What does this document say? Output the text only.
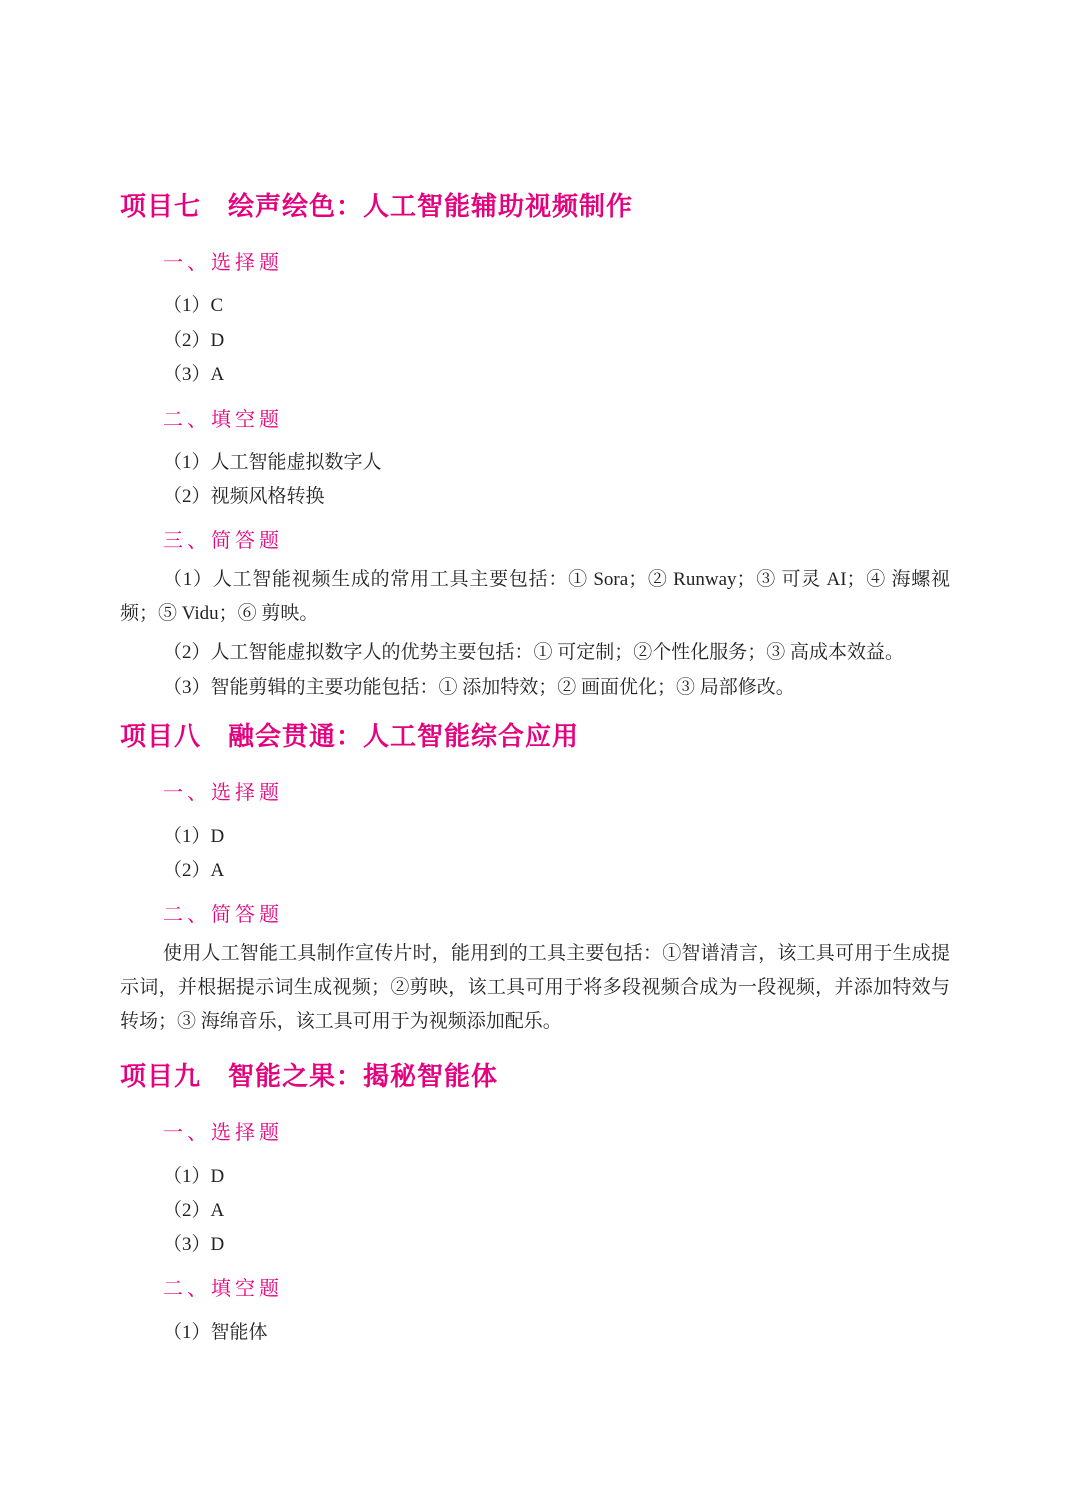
项目七　绘声绘色：人工智能辅助视频制作
一、选择题
（1）C
（2）D
（3）A
二、填空题
（1）人工智能虚拟数字人
（2）视频风格转换
三、简答题
（1）人工智能视频生成的常用工具主要包括：① Sora；② Runway；③ 可灵 AI；④ 海螺视频；⑤ Vidu；⑥ 剪映。
（2）人工智能虚拟数字人的优势主要包括：① 可定制；②个性化服务；③ 高成本效益。
（3）智能剪辑的主要功能包括：① 添加特效；② 画面优化；③ 局部修改。
项目八　融会贯通：人工智能综合应用
一、选择题
（1）D
（2）A
二、简答题
使用人工智能工具制作宣传片时，能用到的工具主要包括：①智谱清言，该工具可用于生成提示词，并根据提示词生成视频；②剪映，该工具可用于将多段视频合成为一段视频，并添加特效与转场；③ 海绵音乐，该工具可用于为视频添加配乐。
项目九　智能之果：揭秘智能体
一、选择题
（1）D
（2）A
（3）D
二、填空题
（1）智能体
